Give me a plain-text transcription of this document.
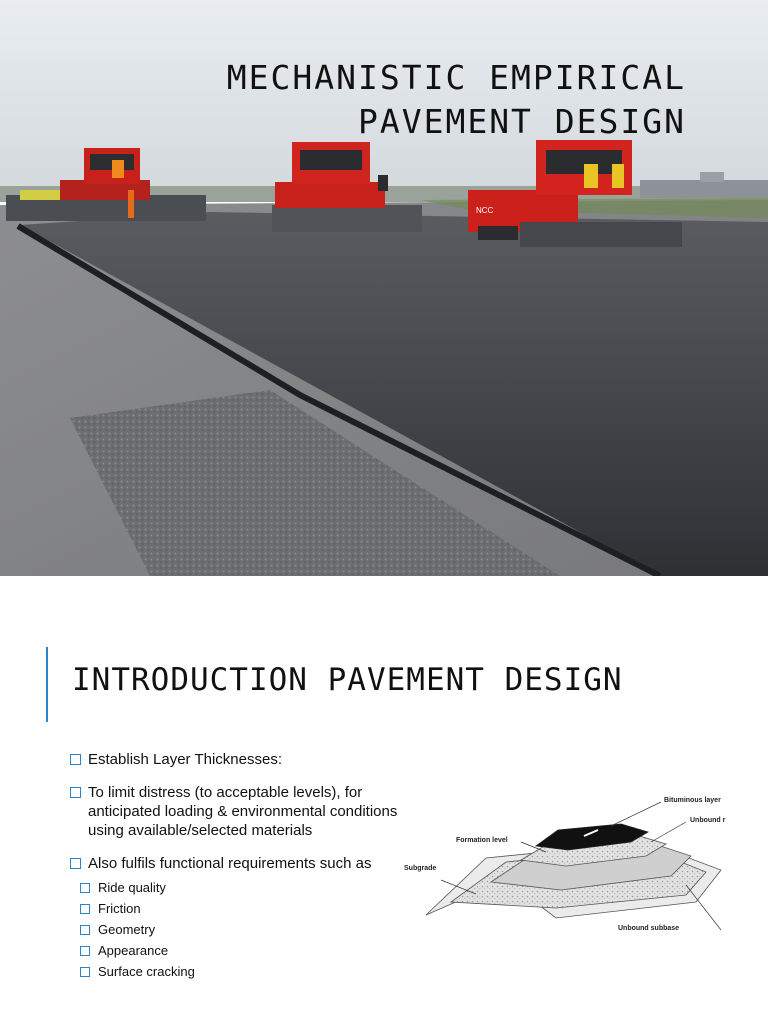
NCC
MECHANISTIC EMPIRICAL
PAVEMENT DESIGN
INTRODUCTION PAVEMENT DESIGN
Establish Layer Thicknesses:
To limit distress (to acceptable levels), for anticipated loading & environmental conditions using available/selected materials
Also fulfils functional requirements such as
Ride quality
Friction
Geometry
Appearance
Surface cracking
Bituminous layer
Unbound r
Formation level
Subgrade
Unbound subbase
